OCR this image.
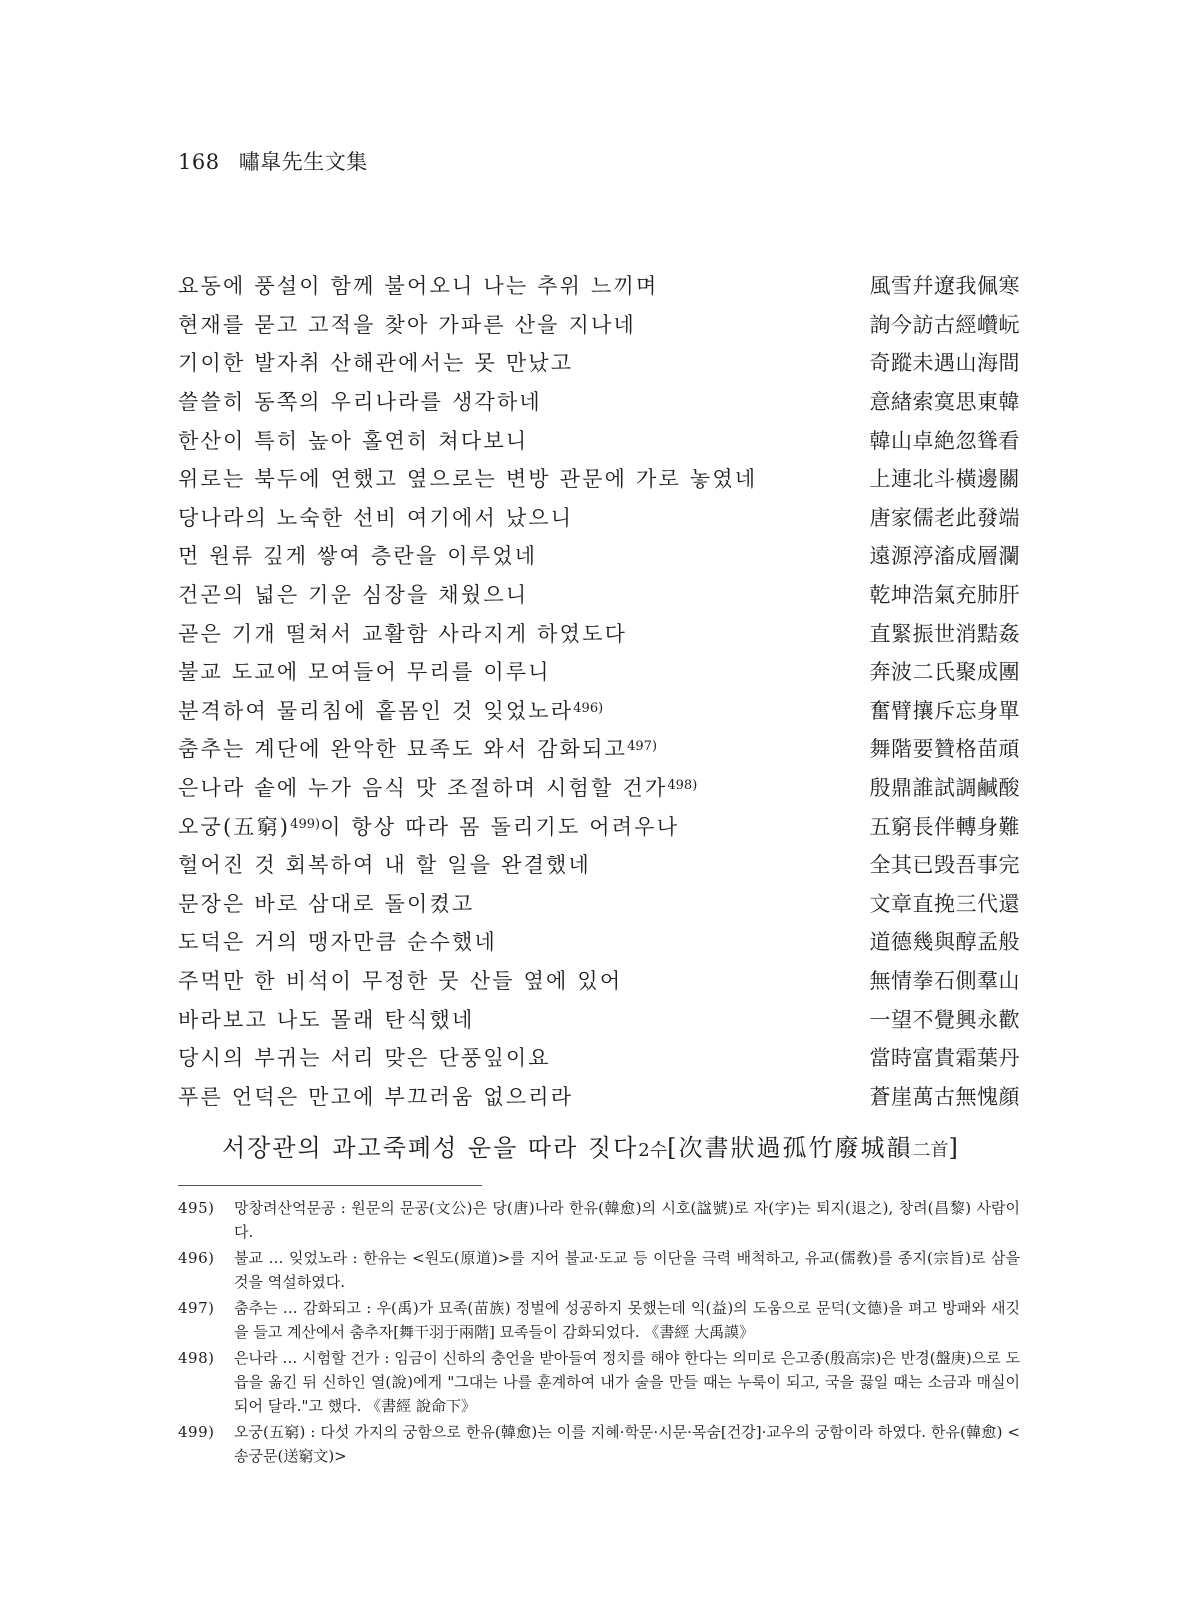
168 嘯皐先生文集
요동에 풍설이 함께 불어오니 나는 추위 느끼며	風雪幷遼我佩寒
현재를 묻고 고적을 찾아 가파른 산을 지나네	詢今訪古經巑岏
기이한 발자취 산해관에서는 못 만났고	奇蹤未遇山海間
쓸쓸히 동쪽의 우리나라를 생각하네	意緖索寞思東韓
한산이 특히 높아 홀연히 쳐다보니	韓山卓絶忽聳看
위로는 북두에 연했고 옆으로는 변방 관문에 가로 놓였네	上連北斗橫邊關
당나라의 노숙한 선비 여기에서 났으니	唐家儒老此發端
먼 원류 깊게 쌓여 층란을 이루었네	遠源渟滀成層瀾
건곤의 넓은 기운 심장을 채웠으니	乾坤浩氣充肺肝
곧은 기개 떨쳐서 교활함 사라지게 하였도다	直緊振世消黠姦
불교 도교에 모여들어 무리를 이루니	奔波二氏聚成團
분격하여 물리침에 홑몸인 것 잊었노라$^{496)}$	奮臂攘斥忘身單
춤추는 계단에 완악한 묘족도 와서 감화되고$^{497)}$	舞階要贊格苗頑
은나라 솥에 누가 음식 맛 조절하며 시험할 건가$^{498)}$	殷鼎誰試調鹹酸
오궁(五窮)$^{499)}$이 항상 따라 몸 돌리기도 어려우나	五窮長伴轉身難
헐어진 것 회복하여 내 할 일을 완결했네	全其已毁吾事完
문장은 바로 삼대로 돌이켰고	文章直挽三代還
도덕은 거의 맹자만큼 순수했네	道德幾與醇孟般
주먹만 한 비석이 무정한 뭇 산들 옆에 있어	無情拳石側羣山
바라보고 나도 몰래 탄식했네	一望不覺興永歡
당시의 부귀는 서리 맞은 단풍잎이요	當時富貴霜葉丹
푸른 언덕은 만고에 부끄러움 없으리라	蒼崖萬古無愧顔
서장관의 과고죽폐성 운을 따라 짓다2수[次書狀過孤竹廢城韻二首]
495)	망창려산억문공 : 원문의 문공(文公)은 당(唐)나라 한유(韓愈)의 시호(諡號)로 자(字)는 퇴지(退之), 창려(昌黎) 사람이다.
496)	불교 … 잊었노라 : 한유는 <원도(原道)>를 지어 불교·도교 등 이단을 극력 배척하고, 유교(儒敎)를 종지(宗旨)로 삼을 것을 역설하였다.
497)	춤추는 … 감화되고 : 우(禹)가 묘족(苗族) 정벌에 성공하지 못했는데 익(益)의 도움으로 문덕(文德)을 펴고 방패와 새깃을 들고 계산에서 춤추자[舞干羽于兩階] 묘족들이 감화되었다. 《書經 大禹謨》
498)	은나라 … 시험할 건가 : 임금이 신하의 충언을 받아들여 정치를 해야 한다는 의미로 은고종(殷高宗)은 반경(盤庚)으로 도읍을 옮긴 뒤 신하인 열(說)에게 "그대는 나를 훈계하여 내가 술을 만들 때는 누룩이 되고, 국을 끓일 때는 소금과 매실이 되어 달라."고 했다. 《書經 說命下》
499)	오궁(五窮) : 다섯 가지의 궁함으로 한유(韓愈)는 이를 지혜·학문·시문·목숨[건강]·교우의 궁함이라 하였다. 한유(韓愈) <송궁문(送窮文)>
